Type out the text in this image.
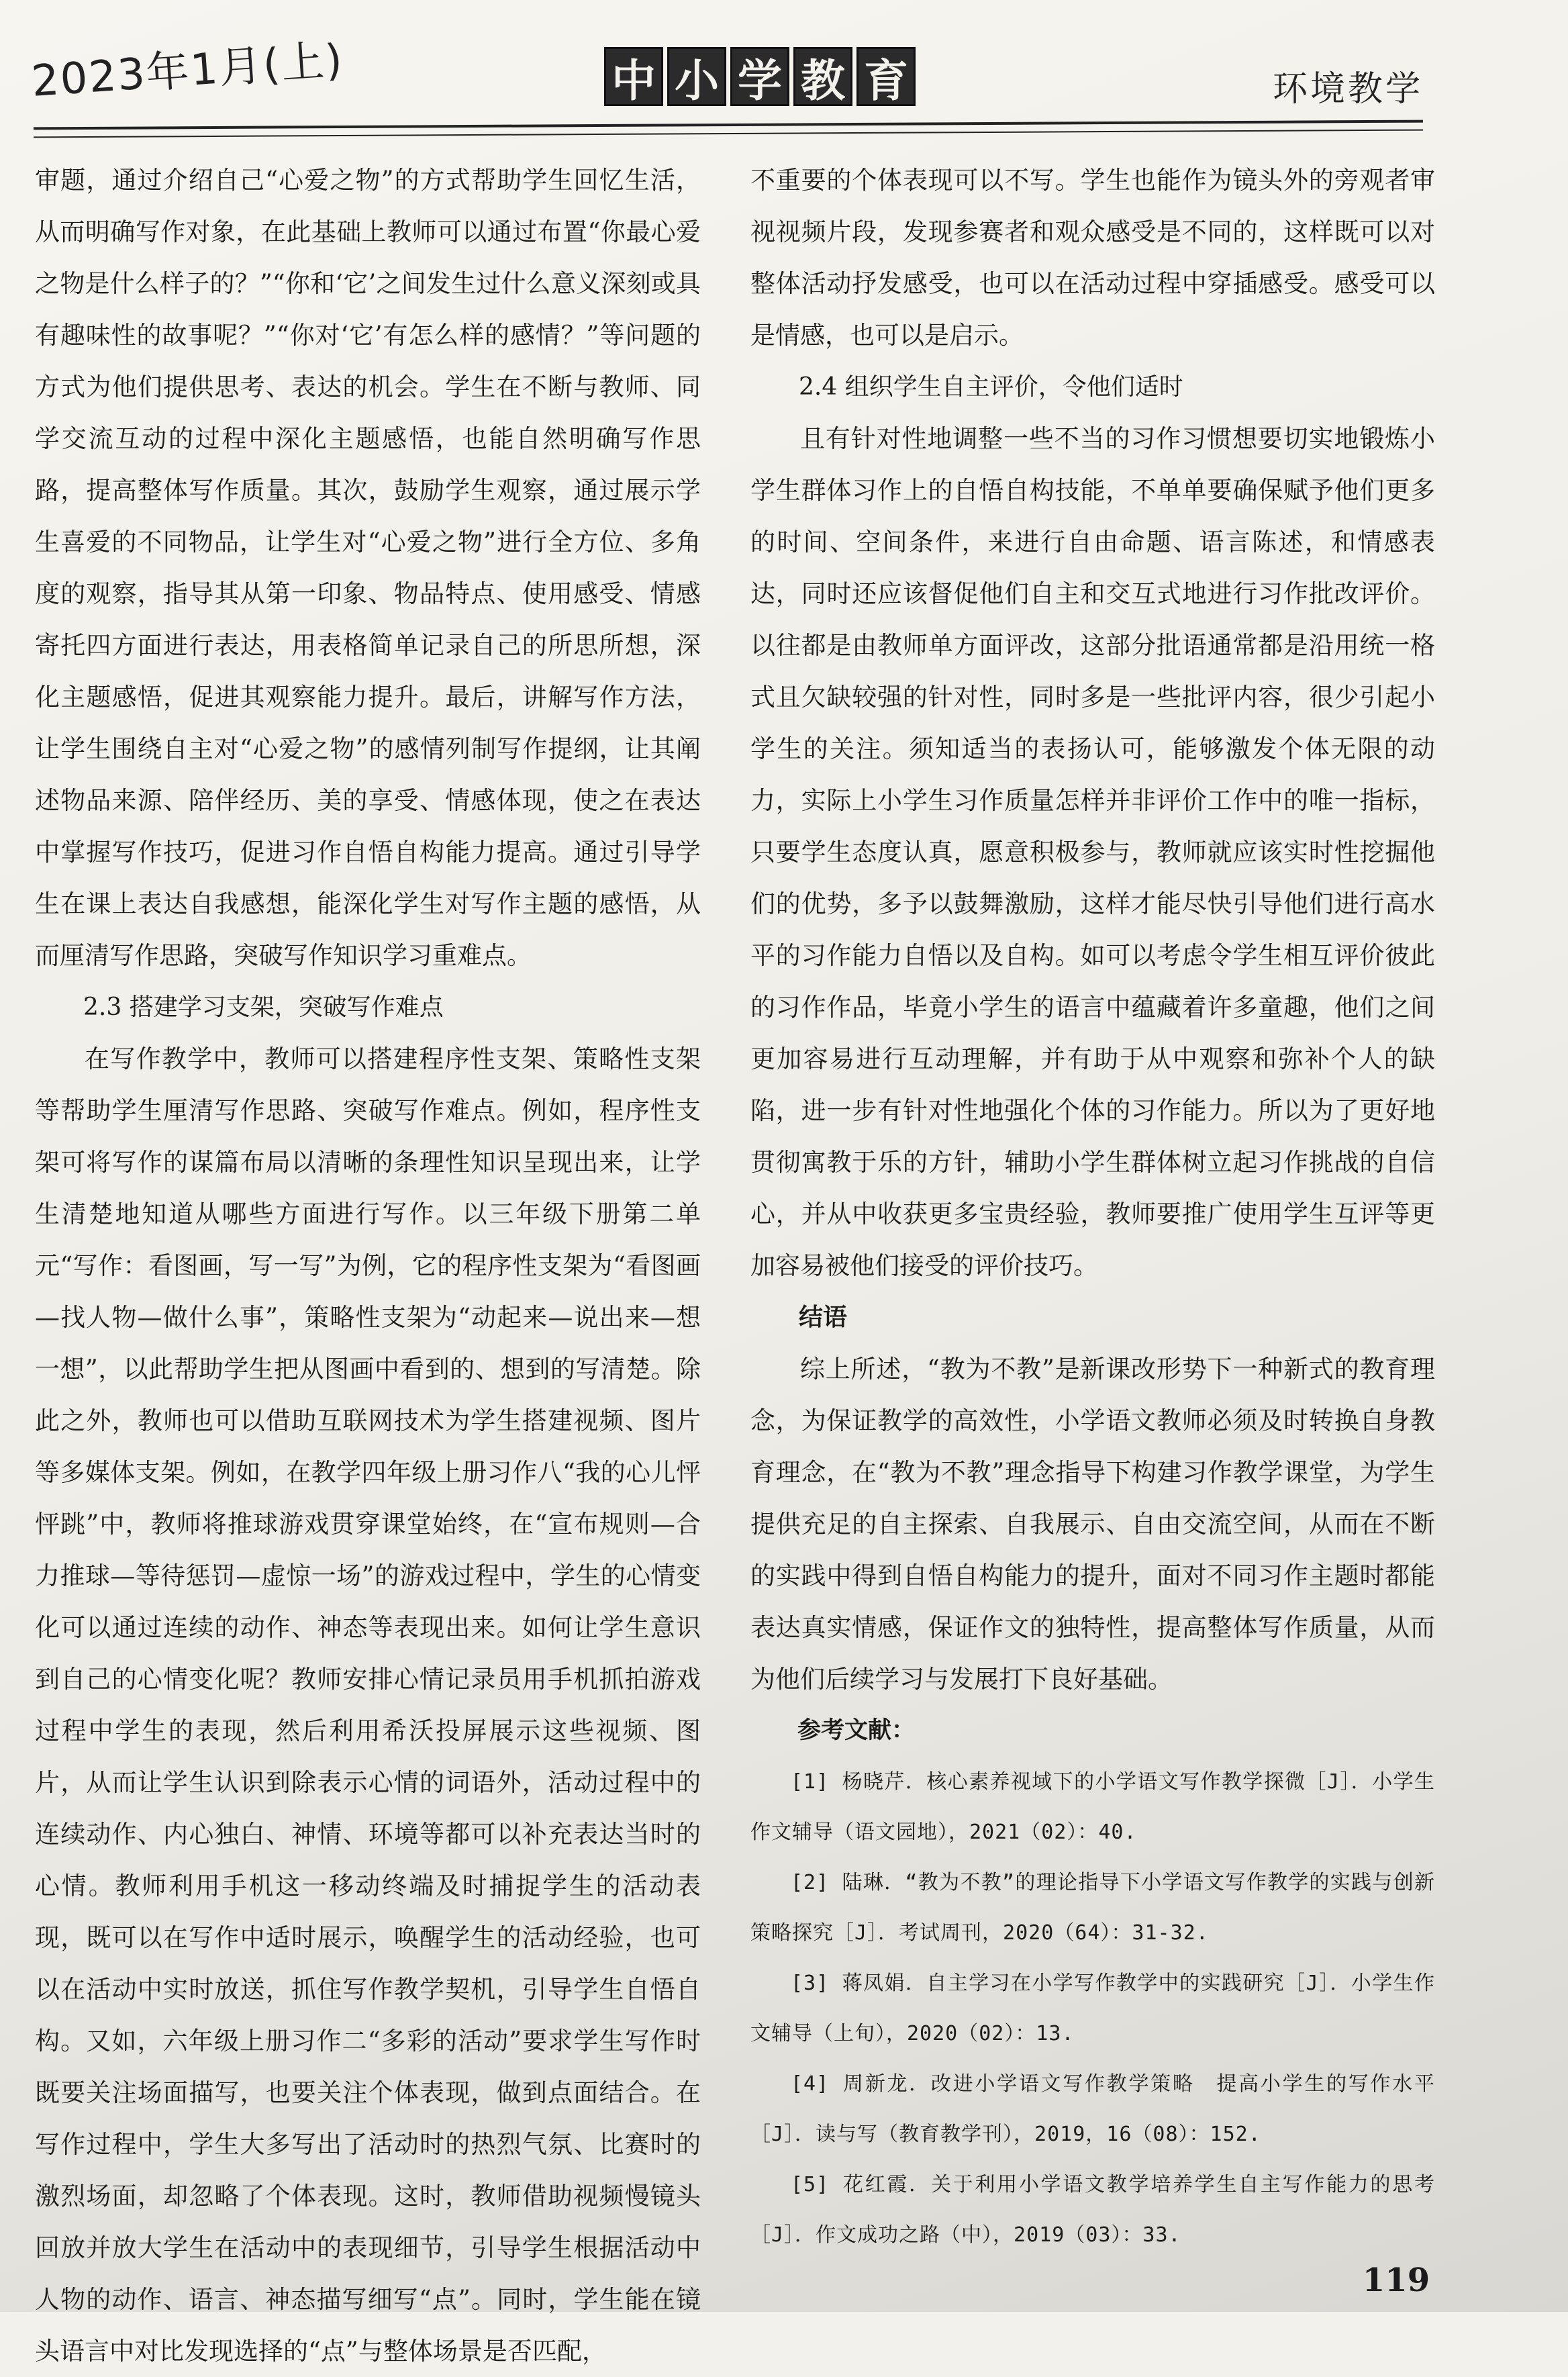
2023年1月(上)	中 小 学 教 育	环境教学

审题，通过介绍自己“心爱之物”的方式帮助学生回忆生活，从而明确写作对象，在此基础上教师可以通过布置“你最心爱之物是什么样子的？”“你和‘它’之间发生过什么意义深刻或具有趣味性的故事呢？”“你对‘它’有怎么样的感情？”等问题的方式为他们提供思考、表达的机会。学生在不断与教师、同学交流互动的过程中深化主题感悟，也能自然明确写作思路，提高整体写作质量。其次，鼓励学生观察，通过展示学生喜爱的不同物品，让学生对“心爱之物”进行全方位、多角度的观察，指导其从第一印象、物品特点、使用感受、情感寄托四方面进行表达，用表格简单记录自己的所思所想，深化主题感悟，促进其观察能力提升。最后，讲解写作方法，让学生围绕自主对“心爱之物”的感情列制写作提纲，让其阐述物品来源、陪伴经历、美的享受、情感体现，使之在表达中掌握写作技巧，促进习作自悟自构能力提高。通过引导学生在课上表达自我感想，能深化学生对写作主题的感悟，从而厘清写作思路，突破写作知识学习重难点。

2.3 搭建学习支架，突破写作难点

在写作教学中，教师可以搭建程序性支架、策略性支架等帮助学生厘清写作思路、突破写作难点。例如，程序性支架可将写作的谋篇布局以清晰的条理性知识呈现出来，让学生清楚地知道从哪些方面进行写作。以三年级下册第二单元“写作：看图画，写一写”为例，它的程序性支架为“看图画—找人物—做什么事”，策略性支架为“动起来—说出来—想一想”，以此帮助学生把从图画中看到的、想到的写清楚。除此之外，教师也可以借助互联网技术为学生搭建视频、图片等多媒体支架。例如，在教学四年级上册习作八“我的心儿怦怦跳”中，教师将推球游戏贯穿课堂始终，在“宣布规则—合力推球—等待惩罚—虚惊一场”的游戏过程中，学生的心情变化可以通过连续的动作、神态等表现出来。如何让学生意识到自己的心情变化呢？教师安排心情记录员用手机抓拍游戏过程中学生的表现，然后利用希沃投屏展示这些视频、图片，从而让学生认识到除表示心情的词语外，活动过程中的连续动作、内心独白、神情、环境等都可以补充表达当时的心情。教师利用手机这一移动终端及时捕捉学生的活动表现，既可以在写作中适时展示，唤醒学生的活动经验，也可以在活动中实时放送，抓住写作教学契机，引导学生自悟自构。又如，六年级上册习作二“多彩的活动”要求学生写作时既要关注场面描写，也要关注个体表现，做到点面结合。在写作过程中，学生大多写出了活动时的热烈气氛、比赛时的激烈场面，却忽略了个体表现。这时，教师借助视频慢镜头回放并放大学生在活动中的表现细节，引导学生根据活动中人物的动作、语言、神态描写细写“点”。同时，学生能在镜头语言中对比发现选择的“点”与整体场景是否匹配，

不重要的个体表现可以不写。学生也能作为镜头外的旁观者审视视频片段，发现参赛者和观众感受是不同的，这样既可以对整体活动抒发感受，也可以在活动过程中穿插感受。感受可以是情感，也可以是启示。

2.4 组织学生自主评价，令他们适时

且有针对性地调整一些不当的习作习惯想要切实地锻炼小学生群体习作上的自悟自构技能，不单单要确保赋予他们更多的时间、空间条件，来进行自由命题、语言陈述，和情感表达，同时还应该督促他们自主和交互式地进行习作批改评价。以往都是由教师单方面评改，这部分批语通常都是沿用统一格式且欠缺较强的针对性，同时多是一些批评内容，很少引起小学生的关注。须知适当的表扬认可，能够激发个体无限的动力，实际上小学生习作质量怎样并非评价工作中的唯一指标，只要学生态度认真，愿意积极参与，教师就应该实时性挖掘他们的优势，多予以鼓舞激励，这样才能尽快引导他们进行高水平的习作能力自悟以及自构。如可以考虑令学生相互评价彼此的习作作品，毕竟小学生的语言中蕴藏着许多童趣，他们之间更加容易进行互动理解，并有助于从中观察和弥补个人的缺陷，进一步有针对性地强化个体的习作能力。所以为了更好地贯彻寓教于乐的方针，辅助小学生群体树立起习作挑战的自信心，并从中收获更多宝贵经验，教师要推广使用学生互评等更加容易被他们接受的评价技巧。

结语

综上所述，“教为不教”是新课改形势下一种新式的教育理念，为保证教学的高效性，小学语文教师必须及时转换自身教育理念，在“教为不教”理念指导下构建习作教学课堂，为学生提供充足的自主探索、自我展示、自由交流空间，从而在不断的实践中得到自悟自构能力的提升，面对不同习作主题时都能表达真实情感，保证作文的独特性，提高整体写作质量，从而为他们后续学习与发展打下良好基础。

参考文献：

[1] 杨晓芹．核心素养视域下的小学语文写作教学探微［J］．小学生作文辅导（语文园地），2021（02）：40.

[2] 陆琳．“教为不教”的理论指导下小学语文写作教学的实践与创新策略探究［J］．考试周刊，2020（64）：31-32.

[3] 蒋凤娟．自主学习在小学写作教学中的实践研究［J］．小学生作文辅导（上旬），2020（02）：13.

[4] 周新龙．改进小学语文写作教学策略　提高小学生的写作水平［J］．读与写（教育教学刊），2019，16（08）：152.

[5] 花红霞．关于利用小学语文教学培养学生自主写作能力的思考［J］．作文成功之路（中），2019（03）：33.

119
